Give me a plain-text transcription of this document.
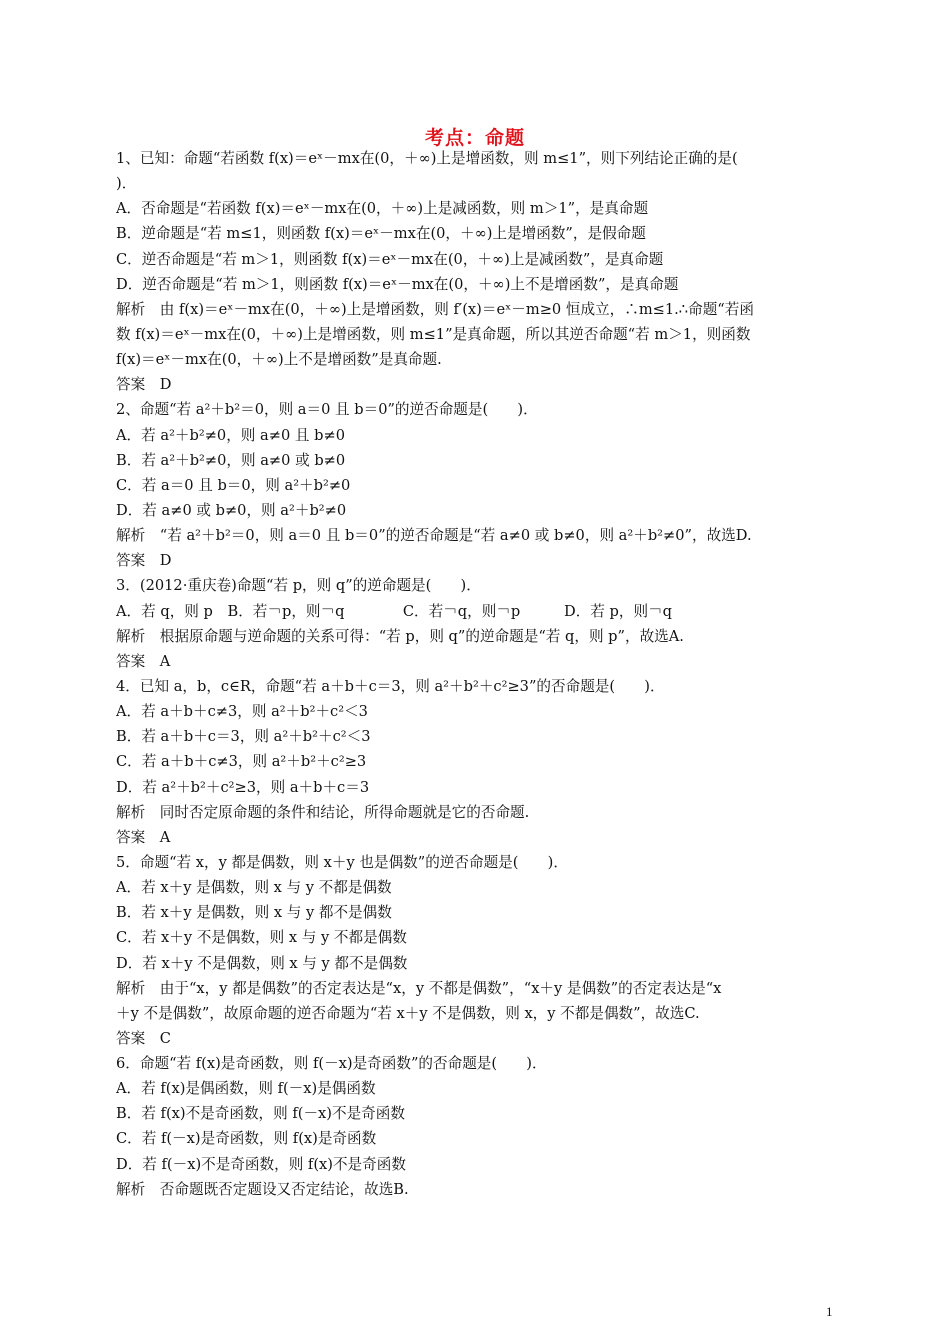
考点：命题
1、已知：命题“若函数 f(x)＝eˣ－mx在(0，＋∞)上是增函数，则 m≤1”，则下列结论正确的是(
)．
A．否命题是“若函数 f(x)＝eˣ－mx在(0，＋∞)上是减函数，则 m＞1”，是真命题
B．逆命题是“若 m≤1，则函数 f(x)＝eˣ－mx在(0，＋∞)上是增函数”，是假命题
C．逆否命题是“若 m＞1，则函数 f(x)＝eˣ－mx在(0，＋∞)上是减函数”，是真命题
D．逆否命题是“若 m＞1，则函数 f(x)＝eˣ－mx在(0，＋∞)上不是增函数”，是真命题
解析　由 f(x)＝eˣ－mx在(0，＋∞)上是增函数，则 f′(x)＝eˣ－m≥0 恒成立，∴m≤1.∴命题“若函
数 f(x)＝eˣ－mx在(0，＋∞)上是增函数，则 m≤1”是真命题，所以其逆否命题“若 m＞1，则函数
f(x)＝eˣ－mx在(0，＋∞)上不是增函数”是真命题.
答案　D
2、命题“若 a²＋b²＝0，则 a＝0 且 b＝0”的逆否命题是(　　)．
A．若 a²＋b²≠0，则 a≠0 且 b≠0
B．若 a²＋b²≠0，则 a≠0 或 b≠0
C．若 a＝0 且 b＝0，则 a²＋b²≠0
D．若 a≠0 或 b≠0，则 a²＋b²≠0
解析　“若 a²＋b²＝0，则 a＝0 且 b＝0”的逆否命题是“若 a≠0 或 b≠0，则 a²＋b²≠0”，故选D.
答案　D
3．(2012·重庆卷)命题“若 p，则 q”的逆命题是(　　)．
A．若 q，则 p　B．若￢p，则￢q　　　　C．若￢q，则￢p　　　D．若 p，则￢q
解析　根据原命题与逆命题的关系可得：“若 p，则 q”的逆命题是“若 q，则 p”，故选A.
答案　A
4．已知 a，b，c∈R，命题“若 a＋b＋c＝3，则 a²＋b²＋c²≥3”的否命题是(　　)．
A．若 a＋b＋c≠3，则 a²＋b²＋c²＜3
B．若 a＋b＋c＝3，则 a²＋b²＋c²＜3
C．若 a＋b＋c≠3，则 a²＋b²＋c²≥3
D．若 a²＋b²＋c²≥3，则 a＋b＋c＝3
解析　同时否定原命题的条件和结论，所得命题就是它的否命题.
答案　A
5．命题“若 x，y 都是偶数，则 x＋y 也是偶数”的逆否命题是(　　)．
A．若 x＋y 是偶数，则 x 与 y 不都是偶数
B．若 x＋y 是偶数，则 x 与 y 都不是偶数
C．若 x＋y 不是偶数，则 x 与 y 不都是偶数
D．若 x＋y 不是偶数，则 x 与 y 都不是偶数
解析　由于“x，y 都是偶数”的否定表达是“x，y 不都是偶数”，“x＋y 是偶数”的否定表达是“x
＋y 不是偶数”，故原命题的逆否命题为“若 x＋y 不是偶数，则 x，y 不都是偶数”，故选C.
答案　C
6．命题“若 f(x)是奇函数，则 f(－x)是奇函数”的否命题是(　　)．
A．若 f(x)是偶函数，则 f(－x)是偶函数
B．若 f(x)不是奇函数，则 f(－x)不是奇函数
C．若 f(－x)是奇函数，则 f(x)是奇函数
D．若 f(－x)不是奇函数，则 f(x)不是奇函数
解析　否命题既否定题设又否定结论，故选B.
1
